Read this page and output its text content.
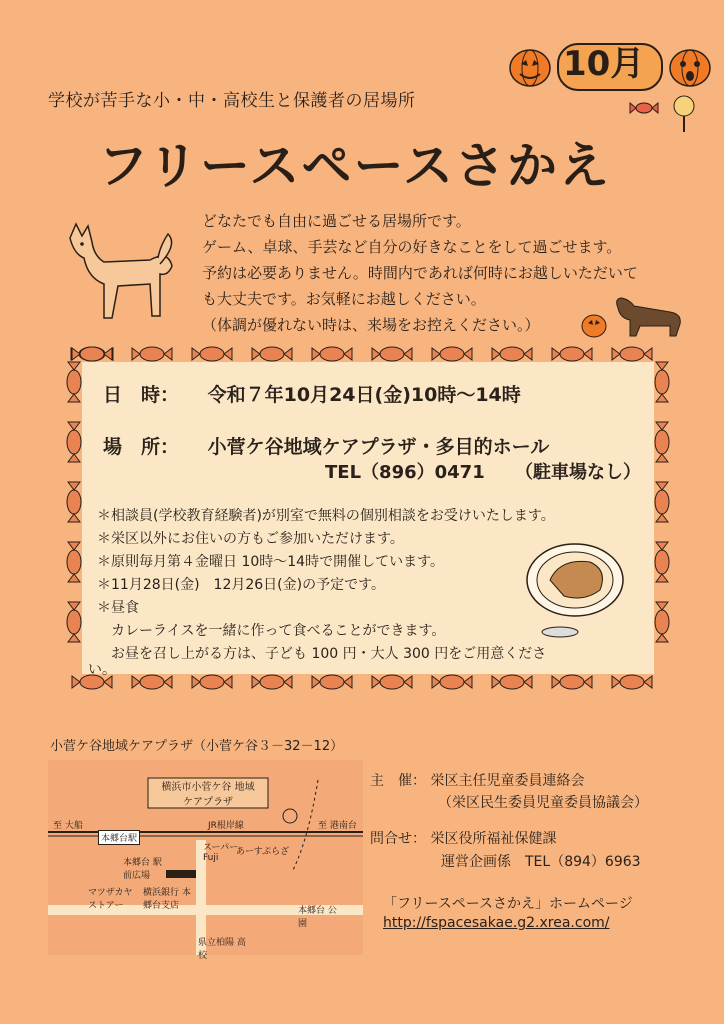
10月
学校が苦手な小・中・高校生と保護者の居場所
フリースペースさかえ

どなたでも自由に過ごせる居場所です。

ゲーム、卓球、手芸など自分の好きなことをして過ごせます。

予約は必要ありません。時間内であれば何時にお越しいただいて

も大丈夫です。お気軽にお越しください。

（体調が優れない時は、来場をお控えください。）

日　時： 令和７年10月24日(金)10時～14時
場　所： 小菅ケ谷地域ケアプラザ・多目的ホール
TEL（896）0471 （駐車場なし）
＊相談員(学校教育経験者)が別室で無料の個別相談をお受けいたします。
＊栄区以外にお住いの方もご参加いただけます。
＊原則毎月第４金曜日 10時～14時で開催しています。
＊11月28日(金)　12月26日(金)の予定です。
＊昼食
　カレーライスを一緒に作って食べることができます。
　お昼を召し上がる方は、子ども 100 円・大人 300 円をご用意くださ
い。
小菅ケ谷地域ケアプラザ（小菅ケ谷３－32－12）
横浜市小菅ケ谷 地域ケアプラザ
至 大船
本郷台駅
JR根岸線	至 港南台
スーパー Fuji
本郷台 駅前広場
マツザカヤ ストアー
横浜銀行 本郷台支店
あーすぷらざ
本郷台 公園
県立柏陽 高校
主　催： 栄区主任児童委員連絡会
（栄区民生委員児童委員協議会）
問合せ： 栄区役所福祉保健課
運営企画係　TEL（894）6963
「フリースペースさかえ」ホームページ
http://fspacesakae.g2.xrea.com/
